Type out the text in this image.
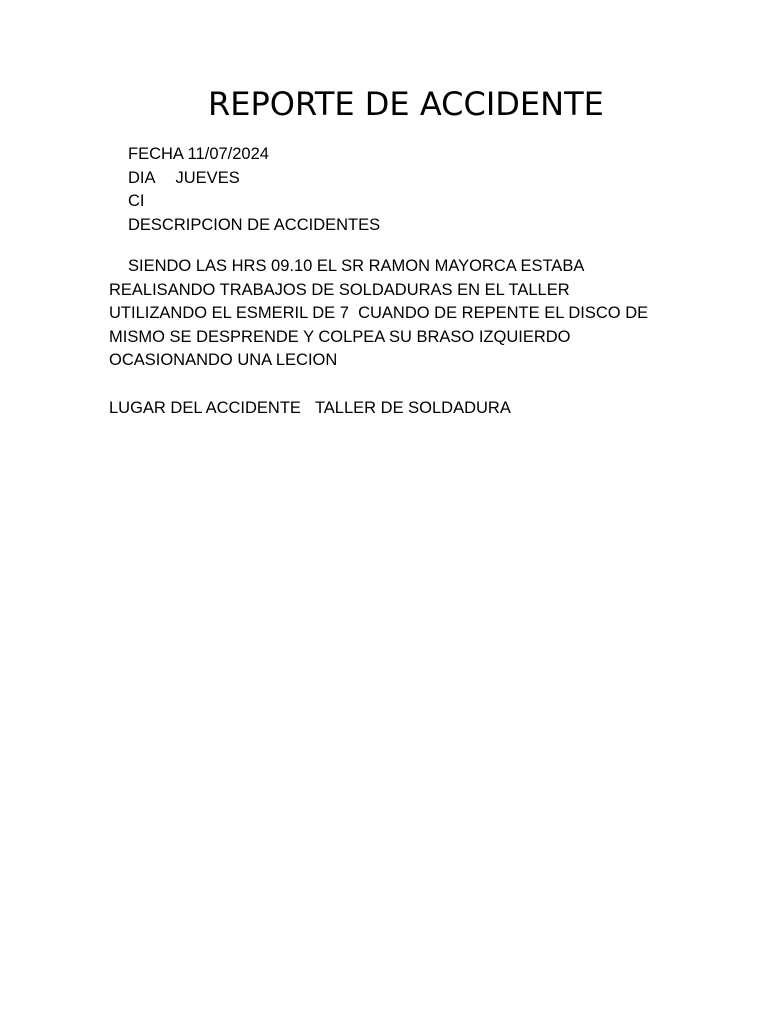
REPORTE DE ACCIDENTE
FECHA 11/07/2024
DIA JUEVES
CI
DESCRIPCION DE ACCIDENTES
SIENDO LAS HRS 09.10 EL SR RAMON MAYORCA ESTABA
REALISANDO TRABAJOS DE SOLDADURAS EN EL TALLER
UTILIZANDO EL ESMERIL DE 7  CUANDO DE REPENTE EL DISCO DE
MISMO SE DESPRENDE Y COLPEA SU BRASO IZQUIERDO
OCASIONANDO UNA LECION
LUGAR DEL ACCIDENTE TALLER DE SOLDADURA
